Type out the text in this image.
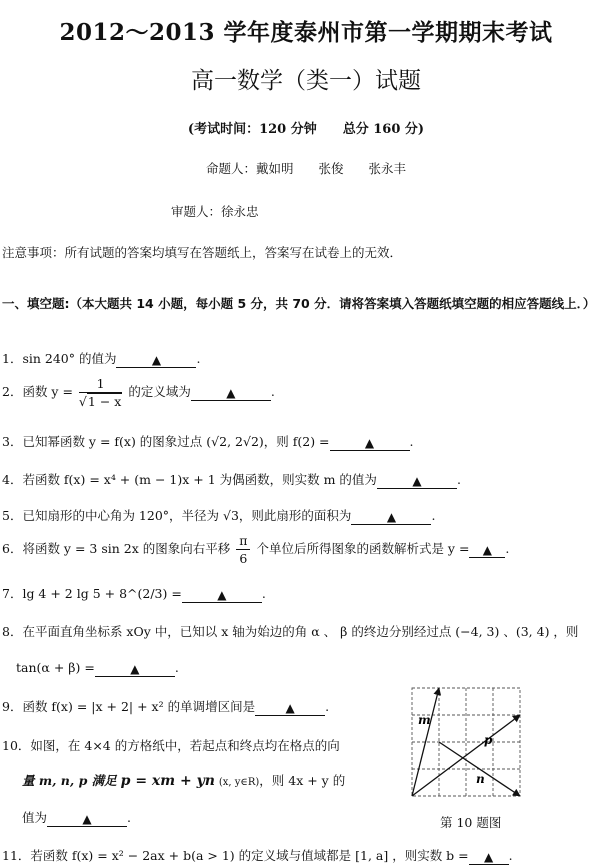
2012～2013 学年度泰州市第一学期期末考试
高一数学（类一）试题
(考试时间：120 分钟　　总分 160 分)
命题人：戴如明　　张俊　　张永丰
审题人：徐永忠
注意事项：所有试题的答案均填写在答题纸上，答案写在试卷上的无效．
一、填空题:（本大题共 14 小题，每小题 5 分，共 70 分．请将答案填入答题纸填空题的相应答题线上．）
1．sin 240° 的值为	▲	.
2．函数 $y = \frac{1}{√1 - x}$ 的定义域为	▲	.
3．已知幂函数 y = f(x) 的图象过点 (√2, 2√2)，则 f(2) =	▲	.
4．若函数 f(x) = x⁴ + (m − 1)x + 1 为偶函数，则实数 m 的值为	▲	.
5．已知扇形的中心角为 120°，半径为 √3，则此扇形的面积为	▲	.
6．将函数 y = 3 sin 2x 的图象向右平移 $\frac{\pi}{6}$ 个单位后所得图象的函数解析式是 y = ▲ .
7．lg 4 + 2 lg 5 + 8^(2/3) =	▲	.
8．在平面直角坐标系 xOy 中，已知以 x 轴为始边的角 α 、 β 的终边分别经过点 (−4, 3) 、(3, 4) ，则
tan(α + β) =	▲	.
9．函数 f(x) = |x + 2| + x² 的单调增区间是	▲ .
10．如图，在 4×4 的方格纸中，若起点和终点均在格点的向
量 m, n, p 满足 p = xm + yn (x, y∈R)，则 4x + y 的
值为	▲	.
m
p
n
第 10 题图
11．若函数 f(x) = x² − 2ax + b(a > 1) 的定义域与值域都是 [1, a] ，则实数 b = ▲ .
